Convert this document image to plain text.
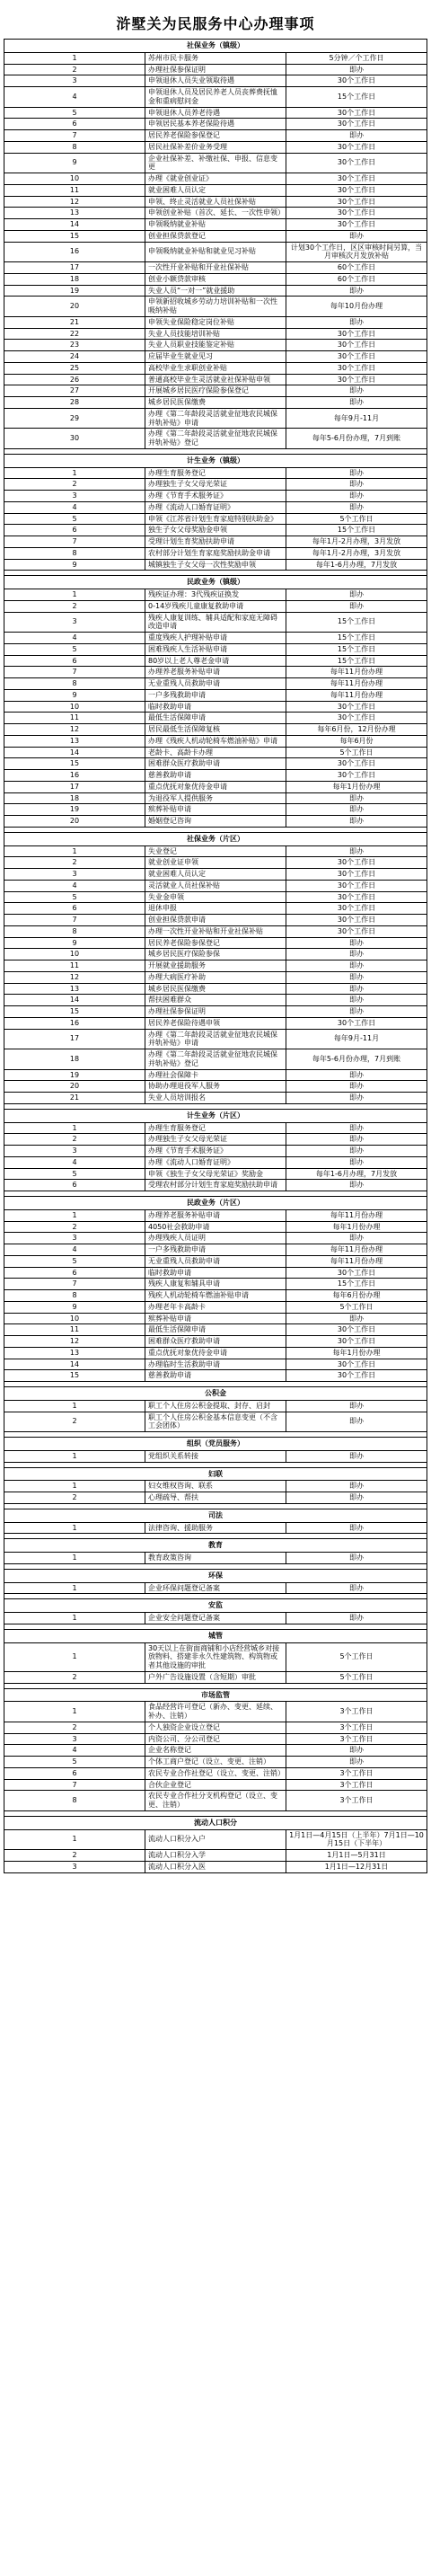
浒墅关为民服务中心办理事项
社保业务（镇级）		
1	苏州市民卡服务	5分钟／个工作日
2	办理社保参保证明	即办
3	申领退休人员失业领取待遇	30个工作日
4	申领退休人员及居民养老人员丧葬费抚恤金和重病慰问金	15个工作日
5	申领退休人员养老待遇	30个工作日
6	申领居民基本养老保险待遇	30个工作日
7	居民养老保险参保登记	即办
8	居民社保补差价业务受理	30个工作日
9	企业社保补差、补缴社保、申报、信息变更	30个工作日
10	办理《就业创业证》	30个工作日
11	就业困难人员认定	30个工作日
12	申领、终止灵活就业人员社保补贴	30个工作日
13	申领创业补贴（首次、延长、一次性申领）	30个工作日
14	申领吸纳就业补贴	30个工作日
15	创业担保贷款登记	即办
16	申领吸纳就业补贴和就业见习补贴	计划30个工作日，区区审核时间另算，当月审核次月发放补贴
17	一次性开业补贴和开业社保补贴	60个工作日
18	创业小额贷款审核	60个工作日
19	失业人员“一对一”就业援助	即办
20	申领新招收城乡劳动力培训补贴和一次性吸纳补贴	每年10月份办理
21	申领失业保险稳定岗位补贴	即办
22	失业人员技能培训补贴	30个工作日
23	失业人员职业技能鉴定补贴	30个工作日
24	应届毕业生就业见习	30个工作日
25	高校毕业生求职创业补贴	30个工作日
26	普通高校毕业生灵活就业社保补贴申领	30个工作日
27	开展城乡居民医疗保险参保登记	即办
28	城乡居民医保缴费	即办
29	办理《第二年龄段灵活就业征地农民城保并轨补贴》申请	每年9月-11月
30	办理《第二年龄段灵活就业征地农民城保并轨补贴》登记	每年5-6月份办理，7月到账

计生业务（镇级）		
1	办理生育服务登记	即办
2	办理独生子女父母光荣证	即办
3	办理《节育手术服务证》	即办
4	办理《流动人口婚育证明》	即办
5	申领《江苏省计划生育家庭特别扶助金》	5个工作日
6	独生子女父母奖励金申领	15个工作日
7	受理计划生育奖励扶助申请	每年1月-2月办理，3月发放
8	农村部分计划生育家庭奖励扶助金申请	每年1月-2月办理，3月发放
9	城镇独生子女父母一次性奖励申领	每年1-6月办理，7月发放

民政业务（镇级）		
1	残疾证办理：3代残疾证换发	即办
2	0-14岁残疾儿童康复救助申请	即办
3	残疾人康复训练、辅具适配和家庭无障碍改造申请	15个工作日
4	重度残疾人护理补贴申请	15个工作日
5	困难残疾人生活补贴申请	15个工作日
6	80岁以上老人尊老金申请	15个工作日
7	办理养老服务补贴申请	每年11月份办理
8	无业重残人员救助申请	每年11月份办理
9	一户多残救助申请	每年11月份办理
10	临时救助申请	30个工作日
11	最低生活保障申请	30个工作日
12	居民最低生活保障复核	每年6月份，12月份办理
13	办理《残疾人机动轮椅车燃油补贴》申请	每年6月份
14	老龄卡、高龄卡办理	5个工作日
15	困难群众医疗救助申请	30个工作日
16	慈善救助申请	30个工作日
17	重点优抚对象优待金申请	每年1月份办理
18	为退役军人提供服务	即办
19	殡葬补贴申请	即办
20	婚姻登记咨询	即办

社保业务（片区）		
1	失业登记	即办
2	就业创业证申领	30个工作日
3	就业困难人员认定	30个工作日
4	灵活就业人员社保补贴	30个工作日
5	失业金申领	30个工作日
6	退休申报	30个工作日
7	创业担保贷款申请	30个工作日
8	办理一次性开业补贴和开业社保补贴	30个工作日
9	居民养老保险参保登记	即办
10	城乡居民医疗保险参保	即办
11	开展就业援助服务	即办
12	办理大病医疗补助	即办
13	城乡居民医保缴费	即办
14	帮扶困难群众	即办
15	办理社保参保证明	即办
16	居民养老保险待遇申领	30个工作日
17	办理《第二年龄段灵活就业征地农民城保并轨补贴》申请	每年9月-11月
18	办理《第二年龄段灵活就业征地农民城保并轨补贴》登记	每年5-6月份办理，7月到账
19	办理社会保障卡	即办
20	协助办理退役军人服务	即办
21	失业人员培训报名	即办

计生业务（片区）		
1	办理生育服务登记	即办
2	办理独生子女父母光荣证	即办
3	办理《节育手术服务证》	即办
4	办理《流动人口婚育证明》	即办
5	申领《独生子女父母光荣证》奖励金	每年1-6月办理，7月发放
6	受理农村部分计划生育家庭奖励扶助申请	即办

民政业务（片区）		
1	办理养老服务补贴申请	每年11月份办理
2	4050社会救助申请	每年1月份办理
3	办理残疾人员证明	即办
4	一户多残救助申请	每年11月份办理
5	无业重残人员救助申请	每年11月份办理
6	临时救助申请	30个工作日
7	残疾人康复和辅具申请	15个工作日
8	残疾人机动轮椅车燃油补贴申请	每年6月份办理
9	办理老年卡高龄卡	5个工作日
10	殡葬补贴申请	即办
11	最低生活保障申请	30个工作日
12	困难群众医疗救助申请	30个工作日
13	重点优抚对象优待金申请	每年1月份办理
14	办理临时生活救助申请	30个工作日
15	慈善救助申请	30个工作日

公积金		
1	职工个人住房公积金提取、封存、启封	即办
2	职工个人住房公积金基本信息变更（不含工会团体）	即办

组织（党员服务）		
1	党组织关系转接	即办

妇联		
1	妇女维权咨询、联系	即办
2	心理疏导、帮扶	即办

司法		
1	法律咨询、援助服务	即办

教育		
1	教育政策咨询	即办

环保		
1	企业环保问题登记备案	即办

安监		
1	企业安全问题登记备案	即办

城管		
1	30天以上在街面商铺和小店经营城乡对接放物料、搭建非永久性建筑物、构筑物或者其他设施的审批	5个工作日
2	户外广告设施设置（含短期）审批	5个工作日

市场监管		
1	食品经营许可登记（新办、变更、延续、补办、注销）	3个工作日
2	个人独资企业设立登记	3个工作日
3	内资公司、分公司登记	3个工作日
4	企业名称登记	即办
5	个体工商户登记（设立、变更、注销）	即办
6	农民专业合作社登记（设立、变更、注销）	3个工作日
7	合伙企业登记	3个工作日
8	农民专业合作社分支机构登记（设立、变更、注销）	3个工作日

流动人口积分		
1	流动人口积分入户	1月1日—4月15日（上半年）7月1日—10月15日（下半年）
2	流动人口积分入学	1月1日—5月31日
3	流动人口积分入医	1月1日—12月31日
